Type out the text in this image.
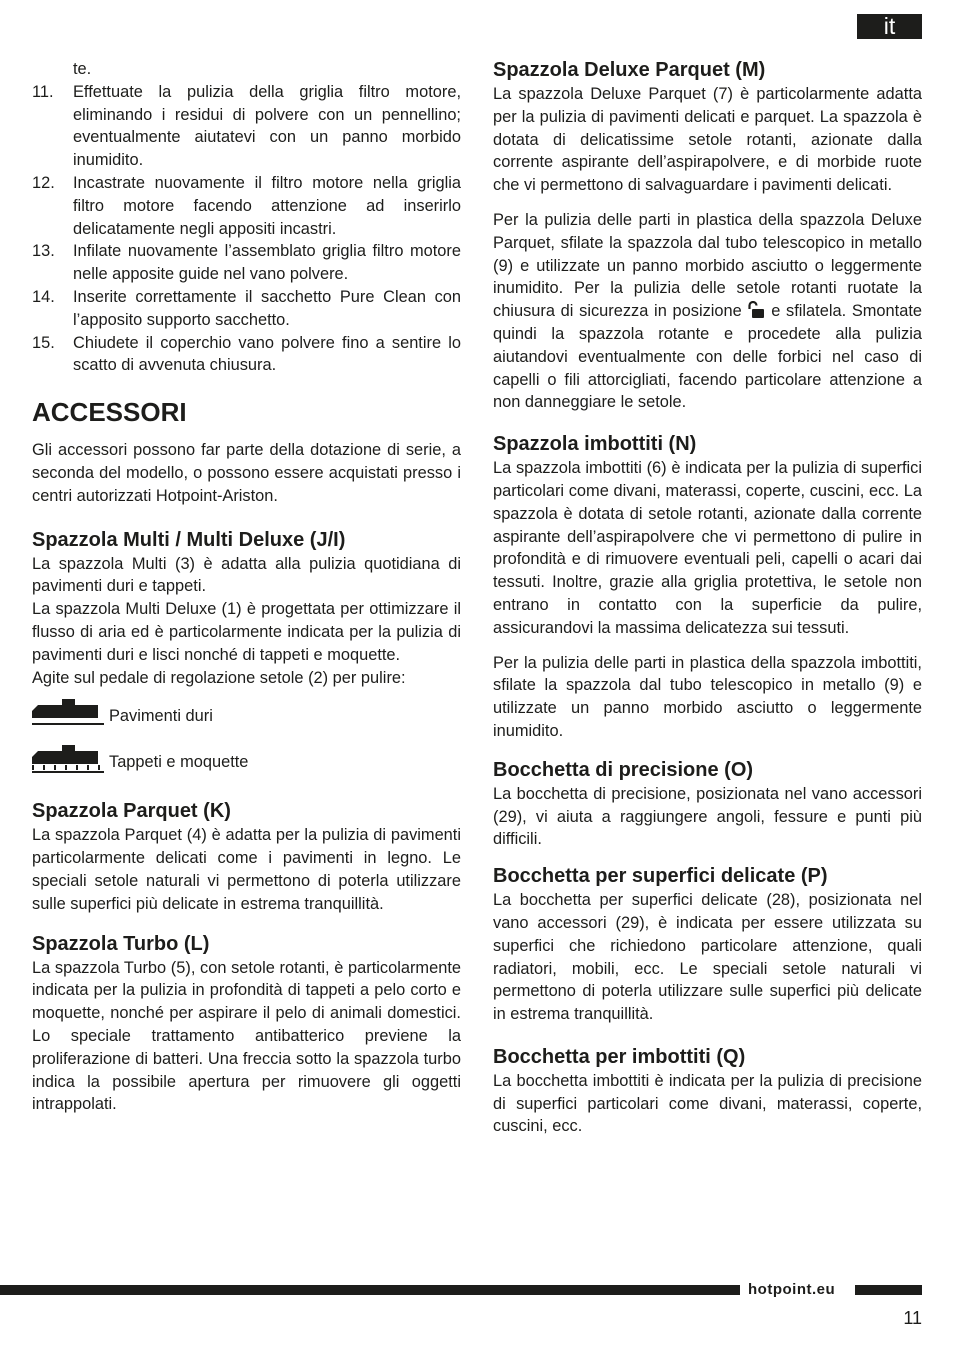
it
te.
11. Effettuate la pulizia della griglia filtro motore, eliminando i residui di polvere con un pennellino; eventualmente aiutatevi con un panno morbido inumidito.
12. Incastrate nuovamente il filtro motore nella griglia filtro motore facendo attenzione ad inserirlo delicatamente negli appositi incastri.
13. Infilate nuovamente l’assemblato griglia filtro motore nelle apposite guide nel vano polvere.
14. Inserite correttamente il sacchetto Pure Clean con l’apposito supporto sacchetto.
15. Chiudete il coperchio vano polvere fino a sentire lo scatto di avvenuta chiusura.
ACCESSORI

Gli accessori possono far parte della dotazione di serie, a seconda del modello, o possono essere acquistati presso i centri autorizzati Hotpoint-Ariston.

Spazzola Multi / Multi Deluxe (J/I)

La spazzola Multi (3) è adatta alla pulizia quotidiana di pavimenti duri e tappeti.

La spazzola Multi Deluxe (1) è progettata per ottimizzare il flusso di aria ed è particolarmente indicata per la pulizia di pavimenti duri e lisci nonché di tappeti e moquette.

Agite sul pedale di regolazione setole (2) per pulire:

Pavimenti duri
Tappeti e moquette
Spazzola Parquet (K)

La spazzola Parquet (4) è adatta per la pulizia di pavimenti particolarmente delicati come i pavimenti in legno. Le speciali setole naturali vi permettono di poterla utilizzare sulle superfici più delicate in estrema tranquillità.

Spazzola Turbo (L)

La spazzola Turbo (5), con setole rotanti, è particolarmente indicata per la pulizia in profondità di tappeti a pelo corto e moquette, nonché per aspirare il pelo di animali domestici. Lo speciale trattamento antibatterico previene la proliferazione di batteri. Una freccia sotto la spazzola turbo indica la possibile apertura per rimuovere gli oggetti intrappolati.

Spazzola Deluxe Parquet (M)

La spazzola Deluxe Parquet (7) è particolarmente adatta per la pulizia di pavimenti delicati e parquet. La spazzola è dotata di delicatissime setole rotanti, azionate dalla corrente aspirante dell’aspirapolvere, e di morbide ruote che vi permettono di salvaguardare i pavimenti delicati.

Per la pulizia delle parti in plastica della spazzola Deluxe Parquet, sfilate la spazzola dal tubo telescopico in metallo (9) e utilizzate un panno morbido asciutto o leggermente inumidito. Per la pulizia delle setole rotanti ruotate la chiusura di sicurezza in posizione  e sfilatela. Smontate quindi la spazzola rotante e procedete alla pulizia aiutandovi eventualmente con delle forbici nel caso di capelli o fili attorcigliati, facendo particolare attenzione a non danneggiare le setole.

Spazzola imbottiti (N)

La spazzola imbottiti (6) è indicata per la pulizia di superfici particolari come divani, materassi, coperte, cuscini, ecc. La spazzola è dotata di setole rotanti, azionate dalla corrente aspirante dell’aspirapolvere che vi permettono di pulire in profondità e di rimuovere eventuali peli, capelli o acari dai tessuti. Inoltre, grazie alla griglia protettiva, le setole non entrano in contatto con la superficie da pulire, assicurandovi la massima delicatezza sui tessuti.

Per la pulizia delle parti in plastica della spazzola imbottiti, sfilate la spazzola dal tubo telescopico in metallo (9) e utilizzate un panno morbido asciutto o leggermente inumidito.

Bocchetta di precisione (O)

La bocchetta di precisione, posizionata nel vano accessori (29), vi aiuta a raggiungere angoli, fessure e punti più difficili.

Bocchetta per superfici delicate (P)

La bocchetta per superfici delicate (28), posizionata nel vano accessori (29), è indicata per essere utilizzata su superfici che richiedono particolare attenzione, quali radiatori, mobili, ecc. Le speciali setole naturali vi permettono di poterla utilizzare sulle superfici più delicate in estrema tranquillità.

Bocchetta per imbottiti (Q)

La bocchetta imbottiti è indicata per la pulizia di precisione di superfici particolari come divani, materassi, coperte, cuscini, ecc.

hotpoint.eu
11
